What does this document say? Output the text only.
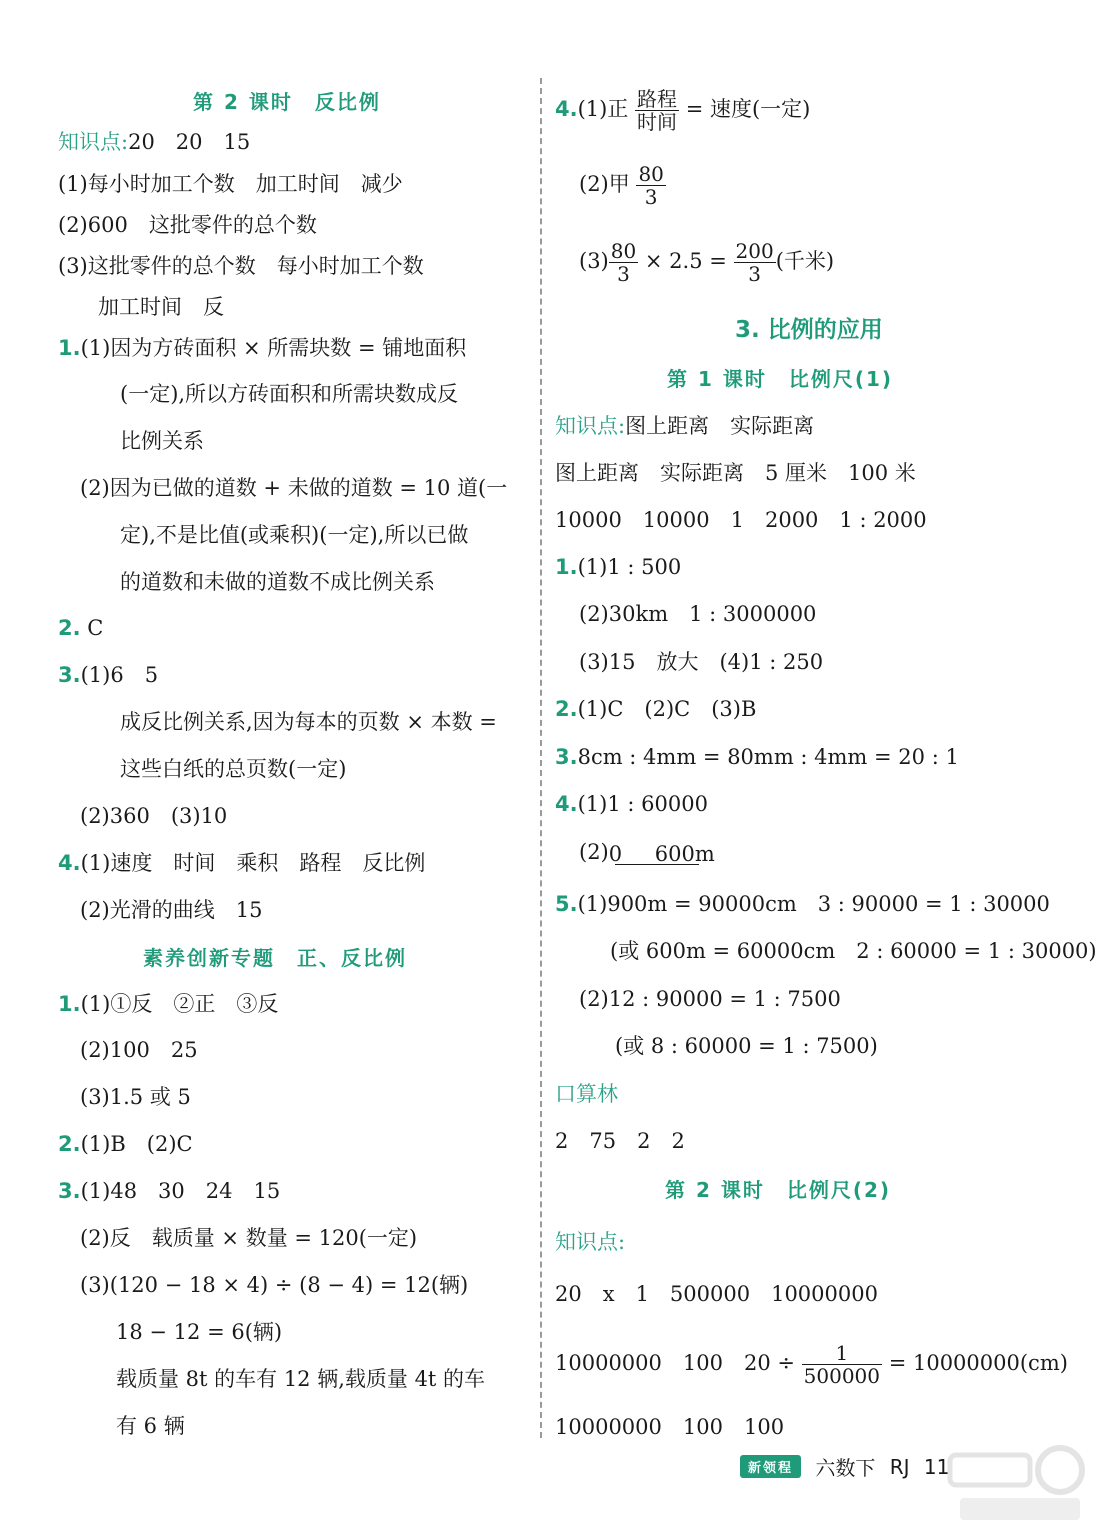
第 2 课时　反比例
知识点:20　20　15
(1)每小时加工个数　加工时间　减少
(2)600　这批零件的总个数
(3)这批零件的总个数　每小时加工个数
加工时间　反
1.(1)因为方砖面积 × 所需块数 = 铺地面积
(一定),所以方砖面积和所需块数成反
比例关系
(2)因为已做的道数 + 未做的道数 = 10 道(一
定),不是比值(或乘积)(一定),所以已做
的道数和未做的道数不成比例关系
2. C
3.(1)6　5
成反比例关系,因为每本的页数 × 本数 =
这些白纸的总页数(一定)
(2)360　(3)10
4.(1)速度　时间　乘积　路程　反比例
(2)光滑的曲线　15
素养创新专题　正、反比例
1.(1)①反　②正　③反
(2)100　25
(3)1.5 或 5
2.(1)B　(2)C
3.(1)48　30　24　15
(2)反　载质量 × 数量 = 120(一定)
(3)(120 − 18 × 4) ÷ (8 − 4) = 12(辆)
18 − 12 = 6(辆)
载质量 8t 的车有 12 辆,载质量 4t 的车
有 6 辆
4.(1)正 $\frac{\text{路程}}{\text{时间}}$ = 速度(一定)
(2)甲 $\frac{80}{3}$
$(3) \frac{80}{3} \times 2.5 = \frac{200}{3}$ (千米)
3. 比例的应用
第 1 课时　比例尺(1)
知识点:图上距离　实际距离
图上距离　实际距离　5 厘米　100 米
10000　10000　1　2000　1 : 2000
1.(1)1 : 500
(2)30km　1 : 3000000
(3)15　放大　(4)1 : 250
2.(1)C　(2)C　(3)B
3.8cm : 4mm = 80mm : 4mm = 20 : 1
4.(1)1 : 60000
(2) 0 600m
5.(1)900m = 90000cm　3 : 90000 = 1 : 30000
(或 600m = 60000cm　2 : 60000 = 1 : 30000)
(2)12 : 90000 = 1 : 7500
(或 8 : 60000 = 1 : 7500)
口算林
2　75　2　2
第 2 课时　比例尺(2)
知识点:
20　x　1　500000　10000000
10000000　100　$20 \div \frac{1}{500000} = 10000000(cm)$
10000000　100　100
新领程 六数下 RJ 11
